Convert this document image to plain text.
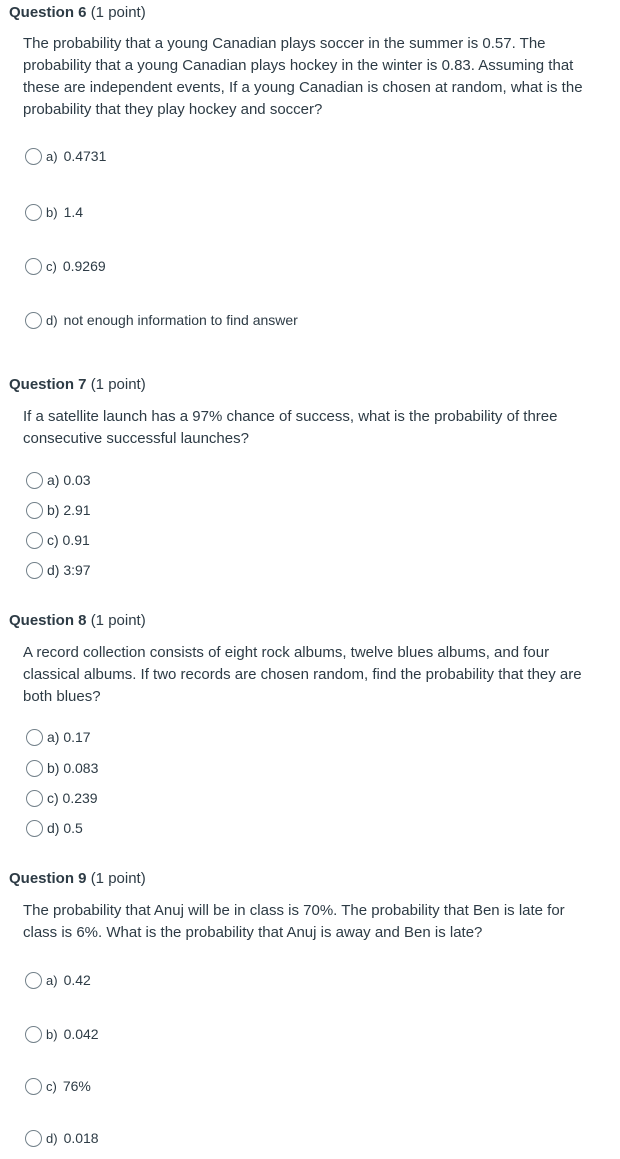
Question 6 (1 point)
The probability that a young Canadian plays soccer in the summer is 0.57. The probability that a young Canadian plays hockey in the winter is 0.83. Assuming that these are independent events, If a young Canadian is chosen at random, what is the probability that they play hockey and soccer?
a) 0.4731
b) 1.4
c) 0.9269
d) not enough information to find answer
Question 7 (1 point)
If a satellite launch has a 97% chance of success, what is the probability of three consecutive successful launches?
a) 0.03
b) 2.91
c) 0.91
d) 3:97
Question 8 (1 point)
A record collection consists of eight rock albums, twelve blues albums, and four classical albums. If two records are chosen random, find the probability that they are both blues?
a) 0.17
b) 0.083
c) 0.239
d) 0.5
Question 9 (1 point)
The probability that Anuj will be in class is 70%. The probability that Ben is late for class is 6%. What is the probability that Anuj is away and Ben is late?
a) 0.42
b) 0.042
c) 76%
d) 0.018
